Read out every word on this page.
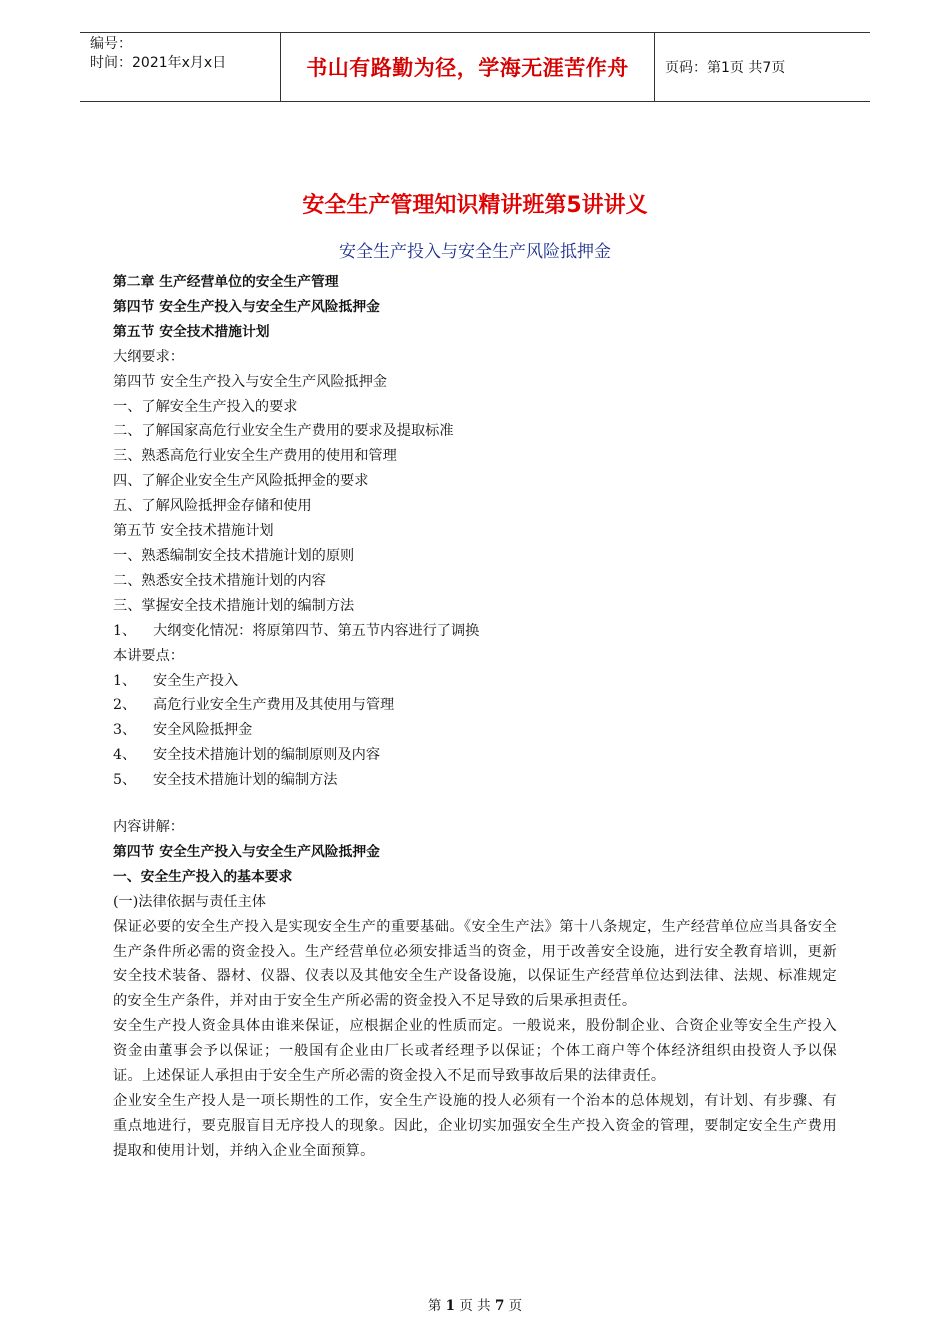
编号：
时间：2021年x月x日	书山有路勤为径，学海无涯苦作舟	页码：第1页 共7页
安全生产管理知识精讲班第5讲讲义
安全生产投入与安全生产风险抵押金
第二章 生产经营单位的安全生产管理
第四节 安全生产投入与安全生产风险抵押金
第五节 安全技术措施计划
大纲要求：
第四节 安全生产投入与安全生产风险抵押金
一、了解安全生产投入的要求
二、了解国家高危行业安全生产费用的要求及提取标准
三、熟悉高危行业安全生产费用的使用和管理
四、了解企业安全生产风险抵押金的要求
五、了解风险抵押金存储和使用
第五节 安全技术措施计划
一、熟悉编制安全技术措施计划的原则
二、熟悉安全技术措施计划的内容
三、掌握安全技术措施计划的编制方法
1、 大纲变化情况：将原第四节、第五节内容进行了调换
本讲要点：
1、 安全生产投入
2、 高危行业安全生产费用及其使用与管理
3、 安全风险抵押金
4、 安全技术措施计划的编制原则及内容
5、 安全技术措施计划的编制方法
内容讲解：
第四节 安全生产投入与安全生产风险抵押金
一、安全生产投入的基本要求
(一)法律依据与责任主体
保证必要的安全生产投入是实现安全生产的重要基础。《安全生产法》第十八条规定，生产经营单位应当具备安全生产条件所必需的资金投入。生产经营单位必须安排适当的资金，用于改善安全设施，进行安全教育培训，更新安全技术装备、器材、仪器、仪表以及其他安全生产设备设施，以保证生产经营单位达到法律、法规、标准规定的安全生产条件，并对由于安全生产所必需的资金投入不足导致的后果承担责任。
安全生产投人资金具体由谁来保证，应根据企业的性质而定。一般说来，股份制企业、合资企业等安全生产投入资金由董事会予以保证；一般国有企业由厂长或者经理予以保证；个体工商户等个体经济组织由投资人予以保证。上述保证人承担由于安全生产所必需的资金投入不足而导致事故后果的法律责任。
企业安全生产投人是一项长期性的工作，安全生产设施的投人必须有一个治本的总体规划，有计划、有步骤、有重点地进行，要克服盲目无序投人的现象。因此，企业切实加强安全生产投入资金的管理，要制定安全生产费用提取和使用计划，并纳入企业全面预算。
第 1 页 共 7 页
